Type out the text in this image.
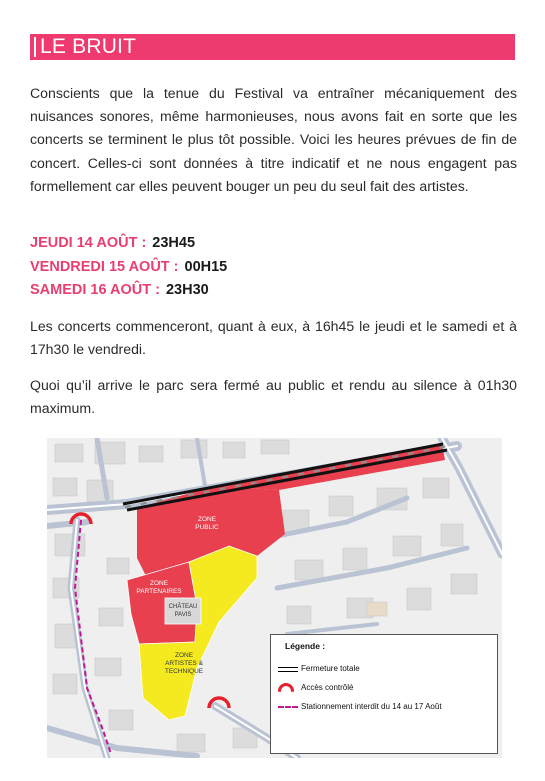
LE BRUIT

Conscients que la tenue du Festival va entraîner mécaniquement des nuisances sonores, même harmonieuses, nous avons fait en sorte que les concerts se terminent le plus tôt possible. Voici les heures prévues de fin de concert. Celles-ci sont données à titre indicatif et ne nous engagent pas formellement car elles peuvent bouger un peu du seul fait des artistes.

JEUDI 14 AOÛT : 23H45
VENDREDI 15 AOÛT : 00H15
SAMEDI 16 AOÛT : 23H30

Les concerts commenceront, quant à eux, à 16h45 le jeudi et le samedi et à 17h30 le vendredi.

Quoi qu’il arrive le parc sera fermé au public et rendu au silence à 01h30 maximum.

ZONE PUBLIC
ZONE
PARTENAIRES
CHÂTEAU
PAVIS
ZONE
ARTISTES &
TECHNIQUE
Légende :
Fermeture totale
Accès contrôlé
Stationnement interdit du 14 au 17 Août
